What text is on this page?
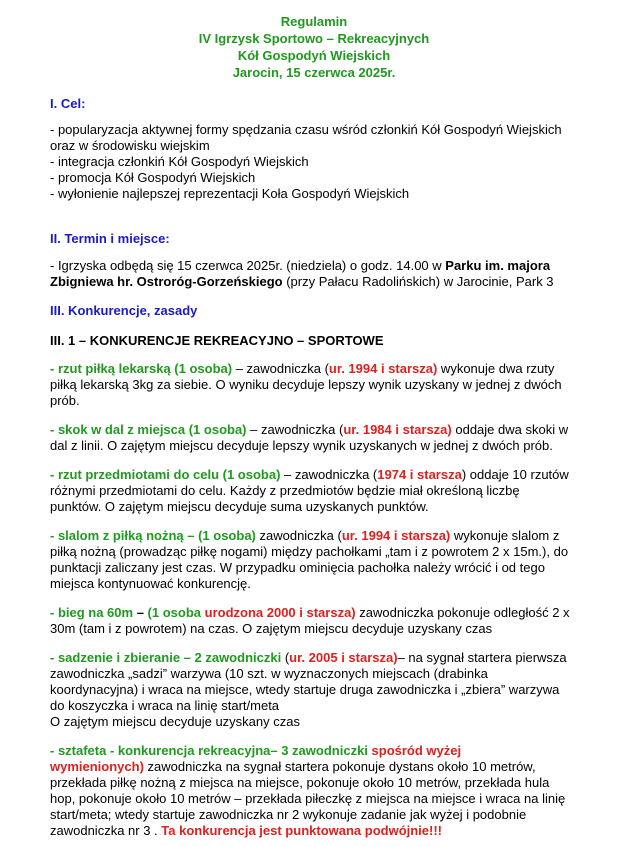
Regulamin
IV Igrzysk Sportowo – Rekreacyjnych
Kół Gospodyń Wiejskich
Jarocin, 15 czerwca 2025r.
I. Cel:
- popularyzacja aktywnej formy spędzania czasu wśród członkiń Kół Gospodyń Wiejskich
oraz w środowisku wiejskim
- integracja członkiń Kół Gospodyń Wiejskich
- promocja Kół Gospodyń Wiejskich
- wyłonienie najlepszej reprezentacji Koła Gospodyń Wiejskich
II. Termin i miejsce:
- Igrzyska odbędą się 15 czerwca 2025r. (niedziela) o godz. 14.00 w Parku im. majora
Zbigniewa hr. Ostroróg-Gorzeńskiego (przy Pałacu Radolińskich) w Jarocinie, Park 3
III. Konkurencje, zasady
III. 1 – KONKURENCJE REKREACYJNO – SPORTOWE
- rzut piłką lekarską (1 osoba) – zawodniczka (ur. 1994 i starsza) wykonuje dwa rzuty
piłką lekarską 3kg za siebie. O wyniku decyduje lepszy wynik uzyskany w jednej z dwóch
prób.
- skok w dal z miejsca (1 osoba) – zawodniczka (ur. 1984 i starsza) oddaje dwa skoki w
dal z linii. O zajętym miejscu decyduje lepszy wynik uzyskanych w jednej z dwóch prób.
- rzut przedmiotami do celu (1 osoba) – zawodniczka (1974 i starsza) oddaje 10 rzutów
różnymi przedmiotami do celu. Każdy z przedmiotów będzie miał określoną liczbę
punktów. O zajętym miejscu decyduje suma uzyskanych punktów.
- slalom z piłką nożną – (1 osoba) zawodniczka (ur. 1994 i starsza) wykonuje slalom z
piłką nożną (prowadząc piłkę nogami) między pachołkami „tam i z powrotem 2 x 15m.), do
punktacji zaliczany jest czas. W przypadku ominięcia pachołka należy wrócić i od tego
miejsca kontynuować konkurencję.
- bieg na 60m – (1 osoba urodzona 2000 i starsza) zawodniczka pokonuje odległość 2 x
30m (tam i z powrotem) na czas. O zajętym miejscu decyduje uzyskany czas
- sadzenie i zbieranie – 2 zawodniczki (ur. 2005 i starsza)– na sygnał startera pierwsza
zawodniczka „sadzi” warzywa (10 szt. w wyznaczonych miejscach (drabinka
koordynacyjna) i wraca na miejsce, wtedy startuje druga zawodniczka i „zbiera” warzywa
do koszyczka i wraca na linię start/meta
O zajętym miejscu decyduje uzyskany czas
- sztafeta - konkurencja rekreacyjna– 3 zawodniczki spośród wyżej
wymienionych) zawodniczka na sygnał startera pokonuje dystans około 10 metrów,
przekłada piłkę nożną z miejsca na miejsce, pokonuje około 10 metrów, przekłada hula
hop, pokonuje około 10 metrów – przekłada piłeczkę z miejsca na miejsce i wraca na linię
start/meta; wtedy startuje zawodniczka nr 2 wykonuje zadanie jak wyżej i podobnie
zawodniczka nr 3 . Ta konkurencja jest punktowana podwójnie!!!
